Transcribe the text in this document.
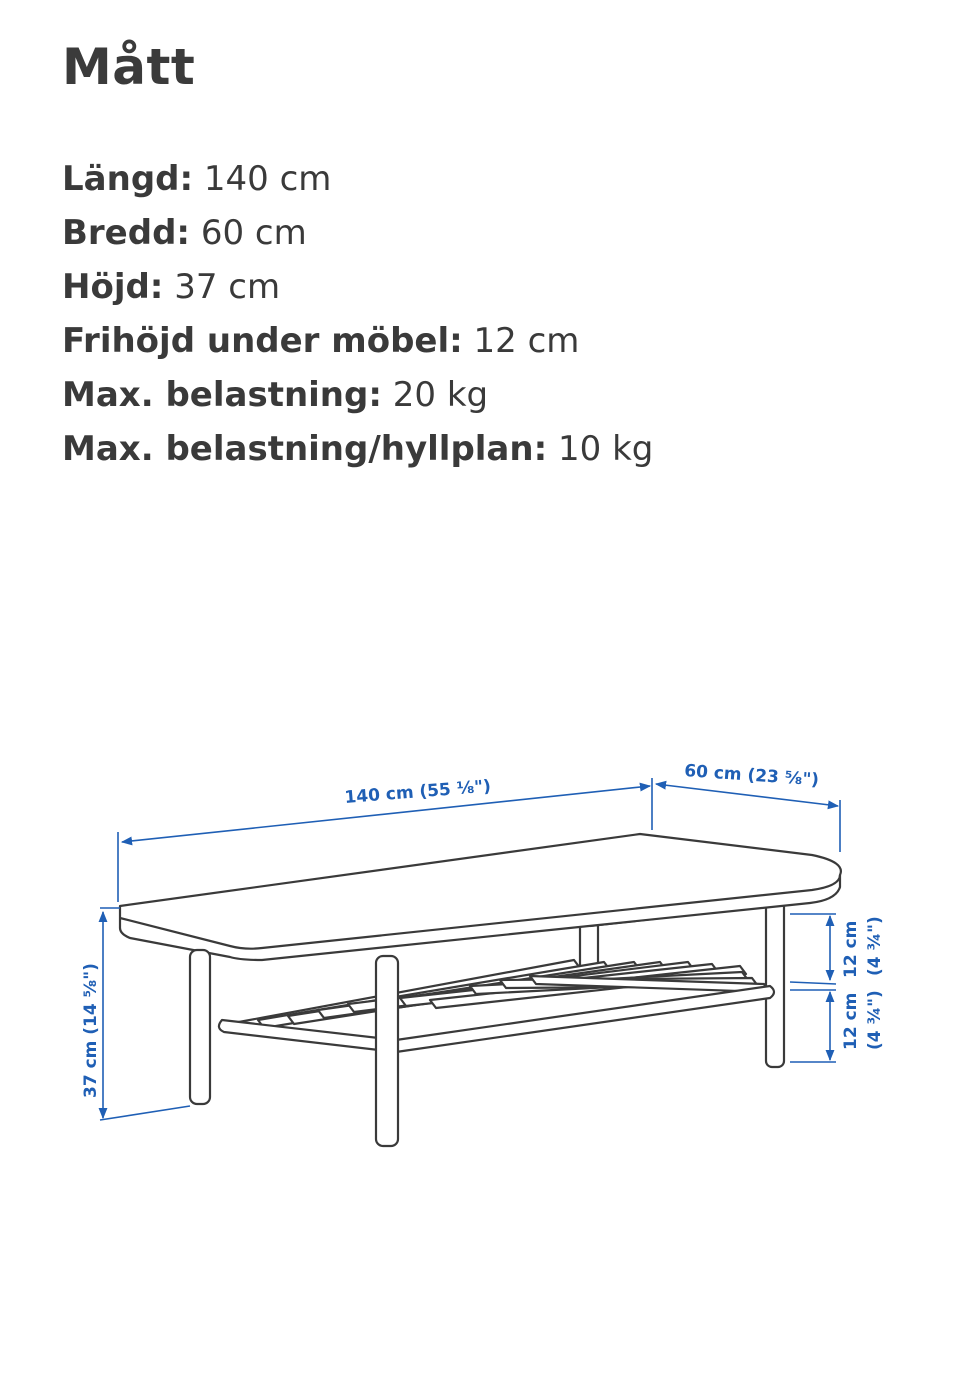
Mått
Längd: 140 cm
Bredd: 60 cm
Höjd: 37 cm
Frihöjd under möbel: 12 cm
Max. belastning: 20 kg
Max. belastning/hyllplan: 10 kg
140 cm (55 ⅛")
60 cm (23 ⅝")
37 cm (14 ⅝")
12 cm (4 ¾")
12 cm (4 ¾")
